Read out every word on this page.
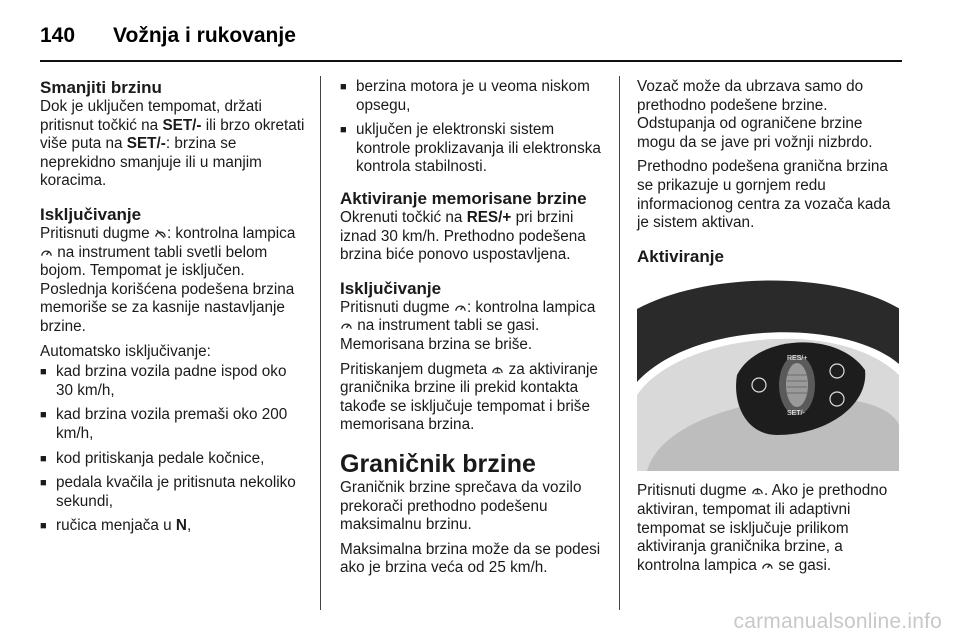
140 Vožnja i rukovanje
Smanjiti brzinu

Dok je uključen tempomat, držati pritisnut točkić na SET/- ili brzo okretati više puta na SET/-: brzina se neprekidno smanjuje ili u manjim koracima.

Isključivanje

Pritisnuti dugme : kontrolna lampica  na instrument tabli svetli belom bojom. Tempomat je isključen. Poslednja korišćena podešena brzina memoriše se za kasnije nastavljanje brzine.

Automatsko isključivanje:

■ kad brzina vozila padne ispod oko 30 km/h,
■ kad brzina vozila premaši oko 200 km/h,
■ kod pritiskanja pedale kočnice,
■ pedala kvačila je pritisnuta nekoliko sekundi,
■ ručica menjača u N,
■ berzina motora je u veoma niskom opsegu,
■ uključen je elektronski sistem kontrole proklizavanja ili elektronska kontrola stabilnosti.
Aktiviranje memorisane brzine

Okrenuti točkić na RES/+ pri brzini iznad 30 km/h. Prethodno podešena brzina biće ponovo uspostavljena.

Isključivanje

Pritisnuti dugme : kontrolna lampica  na instrument tabli se gasi. Memorisana brzina se briše.

Pritiskanjem dugmeta  za aktiviranje graničnika brzine ili prekid kontakta takođe se isključuje tempomat i briše memorisana brzina.

Graničnik brzine

Graničnik brzine sprečava da vozilo prekorači prethodno podešenu maksimalnu brzinu.

Maksimalna brzina može da se podesi ako je brzina veća od 25 km/h.

Vozač može da ubrzava samo do prethodno podešene brzine. Odstupanja od ograničene brzine mogu da se jave pri vožnji nizbrdo.

Prethodno podešena granična brzina se prikazuje u gornjem redu informacionog centra za vozača kada je sistem aktivan.

Aktiviranje
RES/+
SET/-

Pritisnuti dugme . Ako je prethodno aktiviran, tempomat ili adaptivni tempomat se isključuje prilikom aktiviranja graničnika brzine, a kontrolna lampica  se gasi.

carmanualsonline.info
